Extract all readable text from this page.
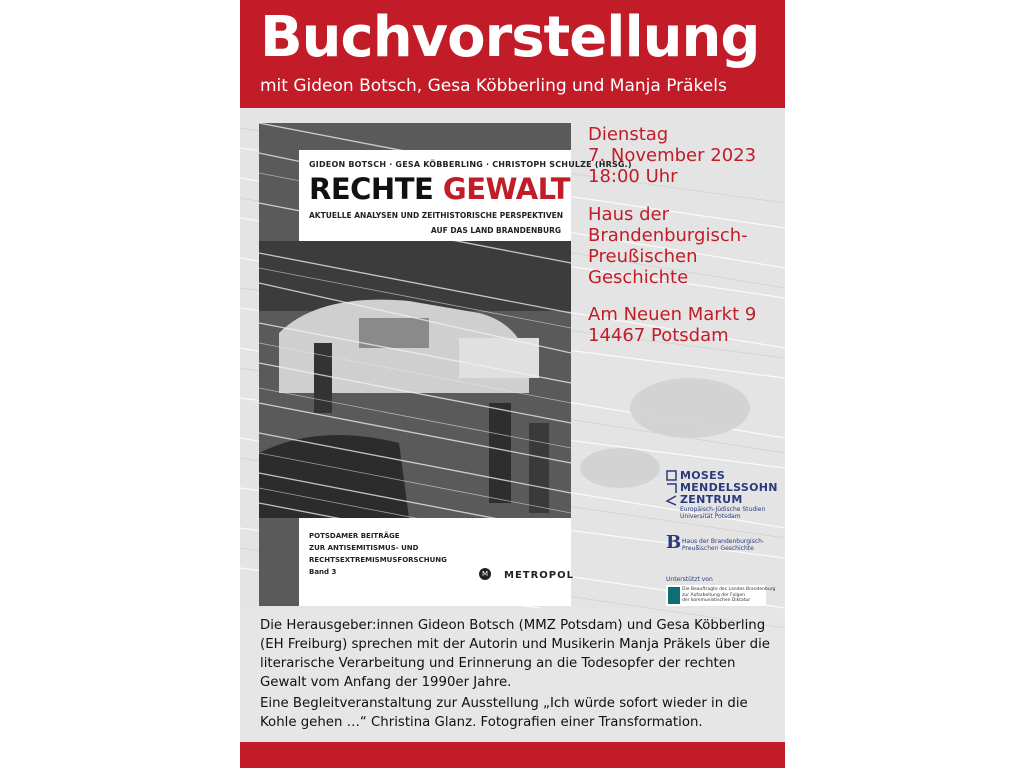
Buchvorstellung
mit Gideon Botsch, Gesa Köbberling und Manja Präkels
GIDEON BOTSCH · GESA KÖBBERLING · CHRISTOPH SCHULZE (HRSG.)
RECHTE GEWALT
AKTUELLE ANALYSEN UND ZEITHISTORISCHE PERSPEKTIVEN
AUF DAS LAND BRANDENBURG
POTSDAMER BEITRÄGE
ZUR ANTISEMITISMUS- UND
RECHTSEXTREMISMUSFORSCHUNG
Band 3	M METROPOL
Dienstag
7. November 2023
18:00 Uhr
Haus der
Brandenburgisch-
Preußischen
Geschichte
Am Neuen Markt 9
14467 Potsdam
MOSES
MENDELSSOHN
ZENTRUM
Europäisch-Jüdische Studien
Universität Potsdam
B Haus der Brandenburgisch-
Preußischen Geschichte
Unterstützt von
Die Beauftragte des Landes Brandenburg
zur Aufarbeitung der Folgen
der kommunistischen Diktatur
Die Herausgeber:innen Gideon Botsch (MMZ Potsdam) und Gesa Köbberling (EH Freiburg) sprechen mit der Autorin und Musikerin Manja Präkels über die literarische Verarbeitung und Erinnerung an die Todesopfer der rechten Gewalt vom Anfang der 1990er Jahre.
Eine Begleitveranstaltung zur Ausstellung „Ich würde sofort wieder in die Kohle gehen …“ Christina Glanz. Fotografien einer Transformation.
